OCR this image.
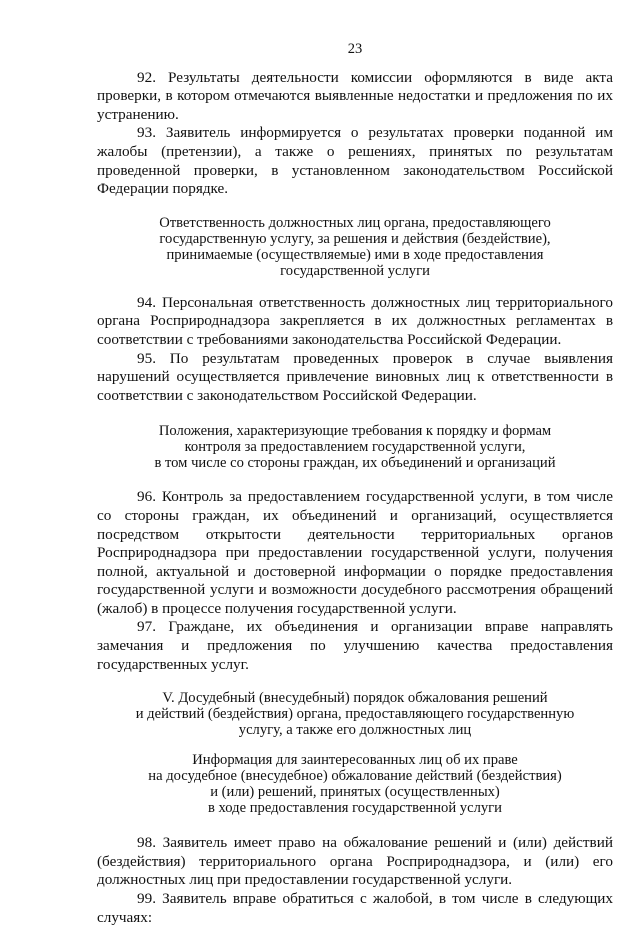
23

92. Результаты деятельности комиссии оформляются в виде акта проверки, в котором отмечаются выявленные недостатки и предложения по их устранению.

93. Заявитель информируется о результатах проверки поданной им жалобы (претензии), а также о решениях, принятых по результатам проведенной проверки, в установленном законодательством Российской Федерации порядке.

Ответственность должностных лиц органа, предоставляющего
государственную услугу, за решения и действия (бездействие),
принимаемые (осуществляемые) ими в ходе предоставления
государственной услуги

94. Персональная ответственность должностных лиц территориального органа Росприроднадзора закрепляется в их должностных регламентах в соответствии с требованиями законодательства Российской Федерации.

95. По результатам проведенных проверок в случае выявления нарушений осуществляется привлечение виновных лиц к ответственности в соответствии с законодательством Российской Федерации.

Положения, характеризующие требования к порядку и формам
контроля за предоставлением государственной услуги,
в том числе со стороны граждан, их объединений и организаций

96. Контроль за предоставлением государственной услуги, в том числе со стороны граждан, их объединений и организаций, осуществляется посредством открытости деятельности территориальных органов Росприроднадзора при предоставлении государственной услуги, получения полной, актуальной и достоверной информации о порядке предоставления государственной услуги и возможности досудебного рассмотрения обращений (жалоб) в процессе получения государственной услуги.

97. Граждане, их объединения и организации вправе направлять замечания и предложения по улучшению качества предоставления государственных услуг.

V. Досудебный (внесудебный) порядок обжалования решений
и действий (бездействия) органа, предоставляющего государственную
услугу, а также его должностных лиц
Информация для заинтересованных лиц об их праве
на досудебное (внесудебное) обжалование действий (бездействия)
и (или) решений, принятых (осуществленных)
в ходе предоставления государственной услуги

98. Заявитель имеет право на обжалование решений и (или) действий (бездействия) территориального органа Росприроднадзора, и (или) его должностных лиц при предоставлении государственной услуги.

99. Заявитель вправе обратиться с жалобой, в том числе в следующих случаях:
